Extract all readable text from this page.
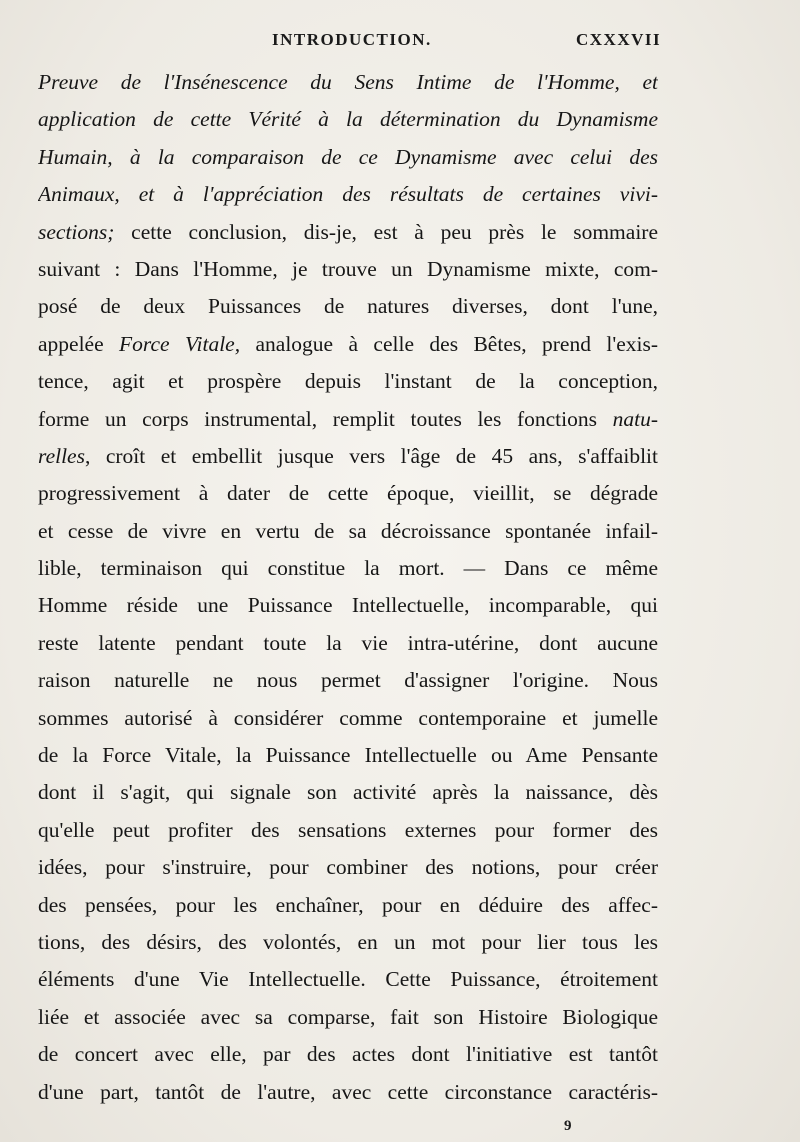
INTRODUCTION.	CXXXVII
Preuve de l'Insénescence du Sens Intime de l'Homme, et
application de cette Vérité à la détermination du Dynamisme
Humain, à la comparaison de ce Dynamisme avec celui des
Animaux, et à l'appréciation des résultats de certaines vivi-
sections; cette conclusion, dis-je, est à peu près le sommaire
suivant : Dans l'Homme, je trouve un Dynamisme mixte, com-
posé de deux Puissances de natures diverses, dont l'une,
appelée Force Vitale, analogue à celle des Bêtes, prend l'exis-
tence, agit et prospère depuis l'instant de la conception,
forme un corps instrumental, remplit toutes les fonctions natu-
relles, croît et embellit jusque vers l'âge de 45 ans, s'affaiblit
progressivement à dater de cette époque, vieillit, se dégrade
et cesse de vivre en vertu de sa décroissance spontanée infail-
lible, terminaison qui constitue la mort. — Dans ce même
Homme réside une Puissance Intellectuelle, incomparable, qui
reste latente pendant toute la vie intra-utérine, dont aucune
raison naturelle ne nous permet d'assigner l'origine. Nous
sommes autorisé à considérer comme contemporaine et jumelle
de la Force Vitale, la Puissance Intellectuelle ou Ame Pensante
dont il s'agit, qui signale son activité après la naissance, dès
qu'elle peut profiter des sensations externes pour former des
idées, pour s'instruire, pour combiner des notions, pour créer
des pensées, pour les enchaîner, pour en déduire des affec-
tions, des désirs, des volontés, en un mot pour lier tous les
éléments d'une Vie Intellectuelle. Cette Puissance, étroitement
liée et associée avec sa comparse, fait son Histoire Biologique
de concert avec elle, par des actes dont l'initiative est tantôt
d'une part, tantôt de l'autre, avec cette circonstance caractéris-
9
